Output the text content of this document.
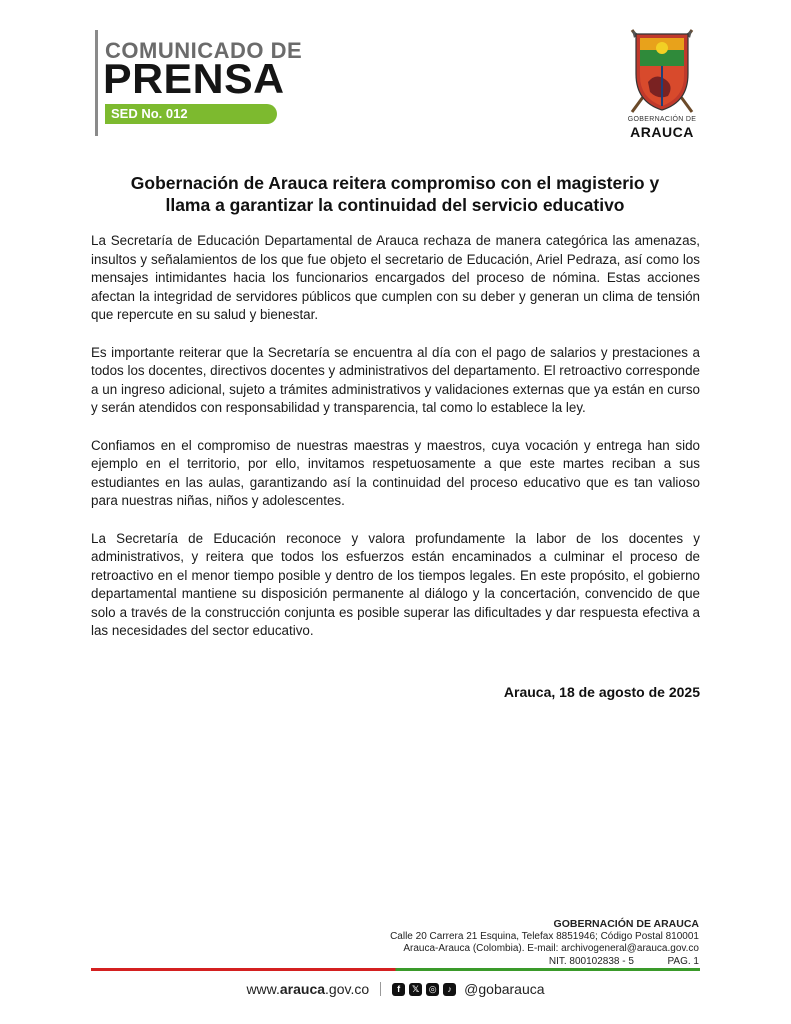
COMUNICADO DE
PRENSA
SED No. 012	GOBERNACIÓN DE
ARAUCA
Gobernación de Arauca reitera compromiso con el magisterio y
llama a garantizar la continuidad del servicio educativo

La Secretaría de Educación Departamental de Arauca rechaza de manera categórica las amenazas, insultos y señalamientos de los que fue objeto el secretario de Educación, Ariel Pedraza, así como los mensajes intimidantes hacia los funcionarios encargados del proceso de nómina. Estas acciones afectan la integridad de servidores públicos que cumplen con su deber y generan un clima de tensión que repercute en su salud y bienestar.

Es importante reiterar que la Secretaría se encuentra al día con el pago de salarios y prestaciones a todos los docentes, directivos docentes y administrativos del departamento. El retroactivo corresponde a un ingreso adicional, sujeto a trámites administrativos y validaciones externas que ya están en curso y serán atendidos con responsabilidad y transparencia, tal como lo establece la ley.

Confiamos en el compromiso de nuestras maestras y maestros, cuya vocación y entrega han sido ejemplo en el territorio, por ello, invitamos respetuosamente a que este martes reciban a sus estudiantes en las aulas, garantizando así la continuidad del proceso educativo que es tan valioso para nuestras niñas, niños y adolescentes.

La Secretaría de Educación reconoce y valora profundamente la labor de los docentes y administrativos, y reitera que todos los esfuerzos están encaminados a culminar el proceso de retroactivo en el menor tiempo posible y dentro de los tiempos legales. En este propósito, el gobierno departamental mantiene su disposición permanente al diálogo y la concertación, convencido de que solo a través de la construcción conjunta es posible superar las dificultades y dar respuesta efectiva a las necesidades del sector educativo.

Arauca, 18 de agosto de 2025
GOBERNACIÓN DE ARAUCA
Calle 20 Carrera 21 Esquina, Telefax 8851946; Código Postal 810001
Arauca-Arauca (Colombia). E-mail: archivogeneral@arauca.gov.co
NIT. 800102838 - 5	PAG. 1
www.arauca.gov.co	f	𝕏	◎	♪ @gobarauca
